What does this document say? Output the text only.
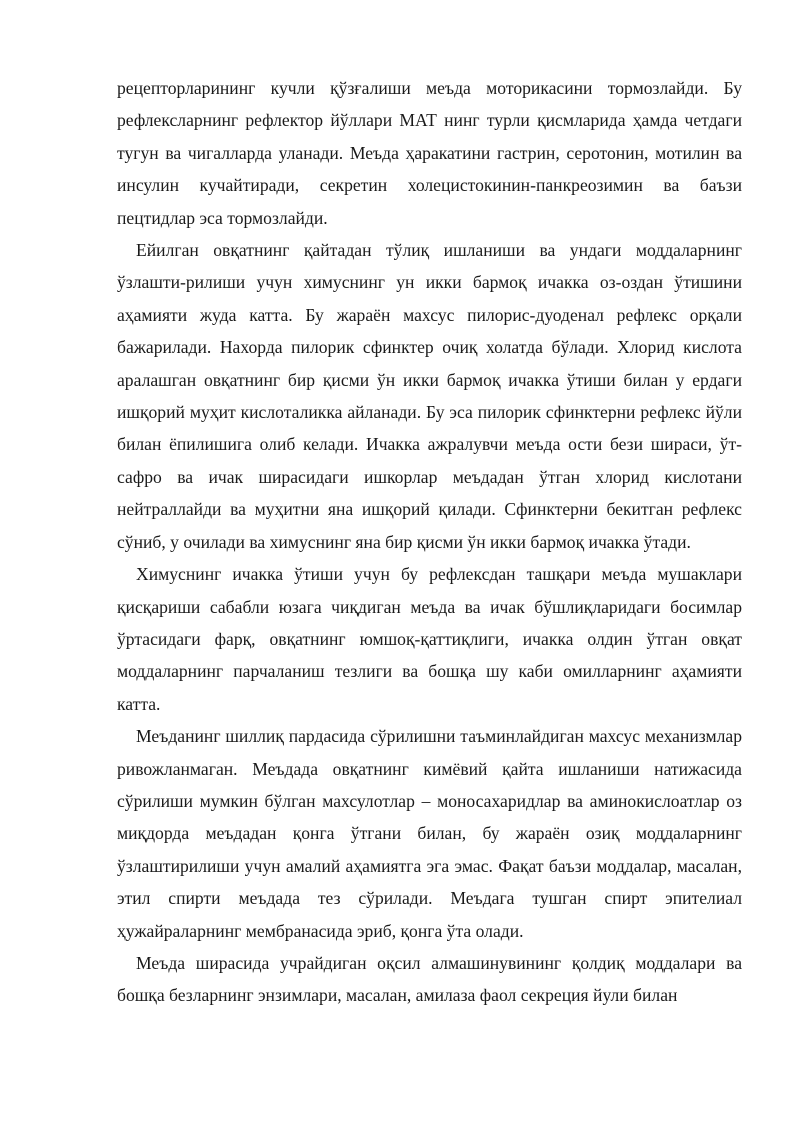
рецепторларининг кучли қўзғалиши меъда моторикасини тормозлайди. Бу рефлексларнинг рефлектор йўллари МАТ нинг турли қисмларида ҳамда четдаги тугун ва чигалларда уланади. Меъда ҳаракатини гастрин, серотонин, мотилин ва инсулин кучайтиради, секретин холецистокинин-панкреозимин ва баъзи пецтидлар эса тормозлайди.

Ейилган овқатнинг қайтадан тўлиқ ишланиши ва ундаги моддаларнинг ўзлашти-рилиши учун химуснинг ун икки бармоқ ичакка оз-оздан ўтишини аҳамияти жуда катта. Бу жараён махсус пилорис-дуоденал рефлекс орқали бажарилади. Нахорда пилорик сфинктер очиқ холатда бўлади. Хлорид кислота аралашган овқатнинг бир қисми ўн икки бармоқ ичакка ўтиши билан у ердаги ишқорий муҳит кислоталикка айланади. Бу эса пилорик сфинктерни рефлекс йўли билан ёпилишига олиб келади. Ичакка ажралувчи меъда ости бези шираси, ўт-сафро ва ичак ширасидаги ишкорлар меъдадан ўтган хлорид кислотани нейтраллайди ва муҳитни яна ишқорий қилади. Сфинктерни бекитган рефлекс сўниб, у очилади ва химуснинг яна бир қисми ўн икки бармоқ ичакка ўтади.

Химуснинг ичакка ўтиши учун бу рефлексдан ташқари меъда мушаклари қисқариши сабабли юзага чиқдиган меъда ва ичак бўшлиқларидаги босимлар ўртасидаги фарқ, овқатнинг юмшоқ-қаттиқлиги, ичакка олдин ўтган овқат моддаларнинг парчаланиш тезлиги ва бошқа шу каби омилларнинг аҳамияти катта.

Меъданинг шиллиқ пардасида сўрилишни таъминлайдиган махсус механизмлар ривожланмаган. Меъдада овқатнинг кимёвий қайта ишланиши натижасида сўрилиши мумкин бўлган махсулотлар – моносахаридлар ва аминокислоатлар оз миқдорда меъдадан қонга ўтгани билан, бу жараён озиқ моддаларнинг ўзлаштирилиши учун амалий аҳамиятга эга эмас. Фақат баъзи моддалар, масалан, этил спирти меъдада тез сўрилади. Меъдага тушган спирт эпителиал ҳужайраларнинг мембранасида эриб, қонга ўта олади.

Меъда ширасида учрайдиган оқсил алмашинувининг қолдиқ моддалари ва бошқа безларнинг энзимлари, масалан, амилаза фаол секреция йули билан
